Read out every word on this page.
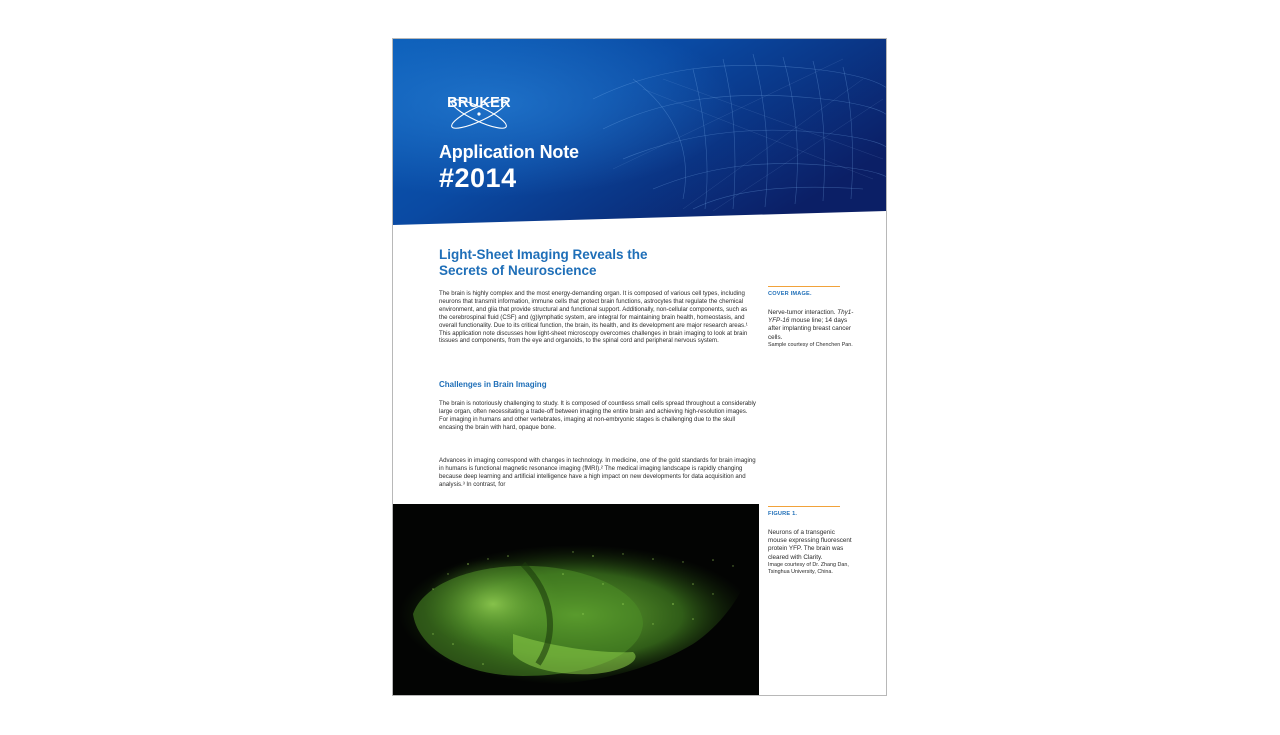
BRUKER
Application Note
#2014
Light-Sheet Imaging Reveals the
Secrets of Neuroscience

The brain is highly complex and the most energy-demanding organ. It is composed of various cell types, including neurons that transmit information, immune cells that protect brain functions, astrocytes that regulate the chemical environment, and glia that provide structural and functional support. Additionally, non-cellular components, such as the cerebrospinal fluid (CSF) and (g)lymphatic system, are integral for maintaining brain health, homeostasis, and overall functionality. Due to its critical function, the brain, its health, and its development are major research areas.¹ This application note discusses how light-sheet microscopy overcomes challenges in brain imaging to look at brain tissues and components, from the eye and organoids, to the spinal cord and peripheral nervous system.

Challenges in Brain Imaging

The brain is notoriously challenging to study. It is composed of countless small cells spread throughout a considerably large organ, often necessitating a trade-off between imaging the entire brain and achieving high-resolution images. For imaging in humans and other vertebrates, imaging at non-embryonic stages is challenging due to the skull encasing the brain with hard, opaque bone.

Advances in imaging correspond with changes in technology. In medicine, one of the gold standards for brain imaging in humans is functional magnetic resonance imaging (fMRI).² The medical imaging landscape is rapidly changing because deep learning and artificial intelligence have a high impact on new developments for data acquisition and analysis.³ In contrast, for

COVER IMAGE.
Nerve-tumor interaction. Thy1-YFP-16 mouse line; 14 days after implanting breast cancer cells.
Sample courtesy of Chenchen Pan.
FIGURE 1.
Neurons of a transgenic mouse expressing fluorescent protein YFP. The brain was cleared with Clarity.
Image courtesy of Dr. Zhang Dan, Tsinghua University, China.
